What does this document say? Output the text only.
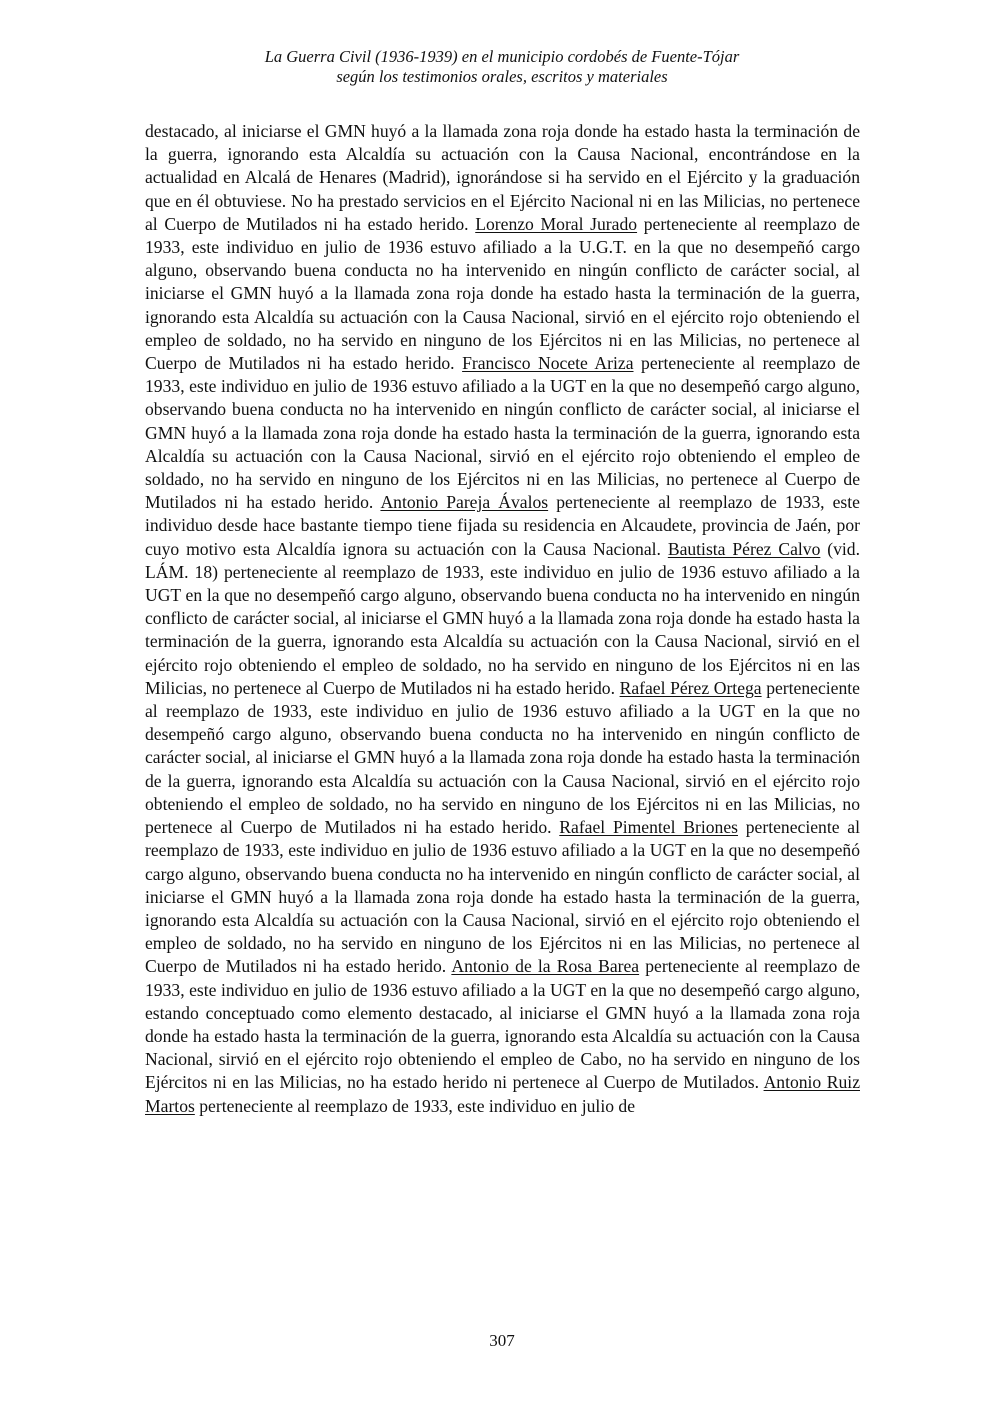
La Guerra Civil (1936-1939) en el municipio cordobés de Fuente-Tójar
según los testimonios orales, escritos y materiales
destacado, al iniciarse el GMN huyó a la llamada zona roja donde ha estado hasta la terminación de la guerra, ignorando esta Alcaldía su actuación con la Causa Nacional, encontrándose en la actualidad en Alcalá de Henares (Madrid), ignorándose si ha servido en el Ejército y la graduación que en él obtuviese. No ha prestado servicios en el Ejército Nacional ni en las Milicias, no pertenece al Cuerpo de Mutilados ni ha estado herido. Lorenzo Moral Jurado perteneciente al reemplazo de 1933, este individuo en julio de 1936 estuvo afiliado a la U.G.T. en la que no desempeñó cargo alguno, observando buena conducta no ha intervenido en ningún conflicto de carácter social, al iniciarse el GMN huyó a la llamada zona roja donde ha estado hasta la terminación de la guerra, ignorando esta Alcaldía su actuación con la Causa Nacional, sirvió en el ejército rojo obteniendo el empleo de soldado, no ha servido en ninguno de los Ejércitos ni en las Milicias, no pertenece al Cuerpo de Mutilados ni ha estado herido. Francisco Nocete Ariza perteneciente al reemplazo de 1933, este individuo en julio de 1936 estuvo afiliado a la UGT en la que no desempeñó cargo alguno, observando buena conducta no ha intervenido en ningún conflicto de carácter social, al iniciarse el GMN huyó a la llamada zona roja donde ha estado hasta la terminación de la guerra, ignorando esta Alcaldía su actuación con la Causa Nacional, sirvió en el ejército rojo obteniendo el empleo de soldado, no ha servido en ninguno de los Ejércitos ni en las Milicias, no pertenece al Cuerpo de Mutilados ni ha estado herido. Antonio Pareja Ávalos perteneciente al reemplazo de 1933, este individuo desde hace bastante tiempo tiene fijada su residencia en Alcaudete, provincia de Jaén, por cuyo motivo esta Alcaldía ignora su actuación con la Causa Nacional. Bautista Pérez Calvo (vid. LÁM. 18) perteneciente al reemplazo de 1933, este individuo en julio de 1936 estuvo afiliado a la UGT en la que no desempeñó cargo alguno, observando buena conducta no ha intervenido en ningún conflicto de carácter social, al iniciarse el GMN huyó a la llamada zona roja donde ha estado hasta la terminación de la guerra, ignorando esta Alcaldía su actuación con la Causa Nacional, sirvió en el ejército rojo obteniendo el empleo de soldado, no ha servido en ninguno de los Ejércitos ni en las Milicias, no pertenece al Cuerpo de Mutilados ni ha estado herido. Rafael Pérez Ortega perteneciente al reemplazo de 1933, este individuo en julio de 1936 estuvo afiliado a la UGT en la que no desempeñó cargo alguno, observando buena conducta no ha intervenido en ningún conflicto de carácter social, al iniciarse el GMN huyó a la llamada zona roja donde ha estado hasta la terminación de la guerra, ignorando esta Alcaldía su actuación con la Causa Nacional, sirvió en el ejército rojo obteniendo el empleo de soldado, no ha servido en ninguno de los Ejércitos ni en las Milicias, no pertenece al Cuerpo de Mutilados ni ha estado herido. Rafael Pimentel Briones perteneciente al reemplazo de 1933, este individuo en julio de 1936 estuvo afiliado a la UGT en la que no desempeñó cargo alguno, observando buena conducta no ha intervenido en ningún conflicto de carácter social, al iniciarse el GMN huyó a la llamada zona roja donde ha estado hasta la terminación de la guerra, ignorando esta Alcaldía su actuación con la Causa Nacional, sirvió en el ejército rojo obteniendo el empleo de soldado, no ha servido en ninguno de los Ejércitos ni en las Milicias, no pertenece al Cuerpo de Mutilados ni ha estado herido. Antonio de la Rosa Barea perteneciente al reemplazo de 1933, este individuo en julio de 1936 estuvo afiliado a la UGT en la que no desempeñó cargo alguno, estando conceptuado como elemento destacado, al iniciarse el GMN huyó a la llamada zona roja donde ha estado hasta la terminación de la guerra, ignorando esta Alcaldía su actuación con la Causa Nacional, sirvió en el ejército rojo obteniendo el empleo de Cabo, no ha servido en ninguno de los Ejércitos ni en las Milicias, no ha estado herido ni pertenece al Cuerpo de Mutilados. Antonio Ruiz Martos perteneciente al reemplazo de 1933, este individuo en julio de
307
